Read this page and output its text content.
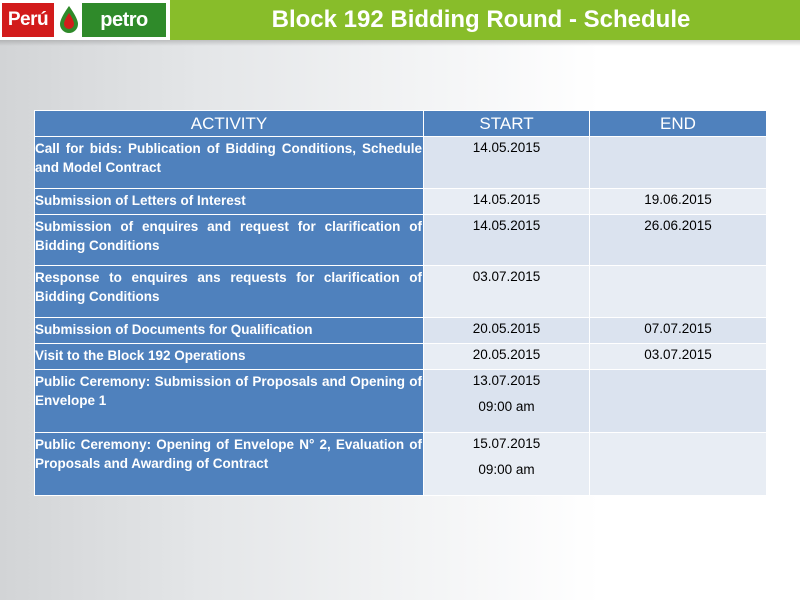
Perú	petro	Block 192 Bidding Round - Schedule
ACTIVITY	START	END
Call for bids: Publication of Bidding Conditions, Schedule and Model Contract	14.05.2015	
Submission of Letters of Interest	14.05.2015	19.06.2015
Submission of enquires and request for clarification of Bidding Conditions	14.05.2015	26.06.2015
Response to enquires ans requests for clarification of Bidding Conditions	03.07.2015	
Submission of Documents for Qualification	20.05.2015	07.07.2015
Visit to the Block 192 Operations	20.05.2015	03.07.2015
Public Ceremony: Submission of Proposals and Opening of Envelope 1	13.07.2015
09:00 am	

Public Ceremony: Opening of Envelope N° 2, Evaluation of Proposals and Awarding of Contract	15.07.2015
09:00 am	
